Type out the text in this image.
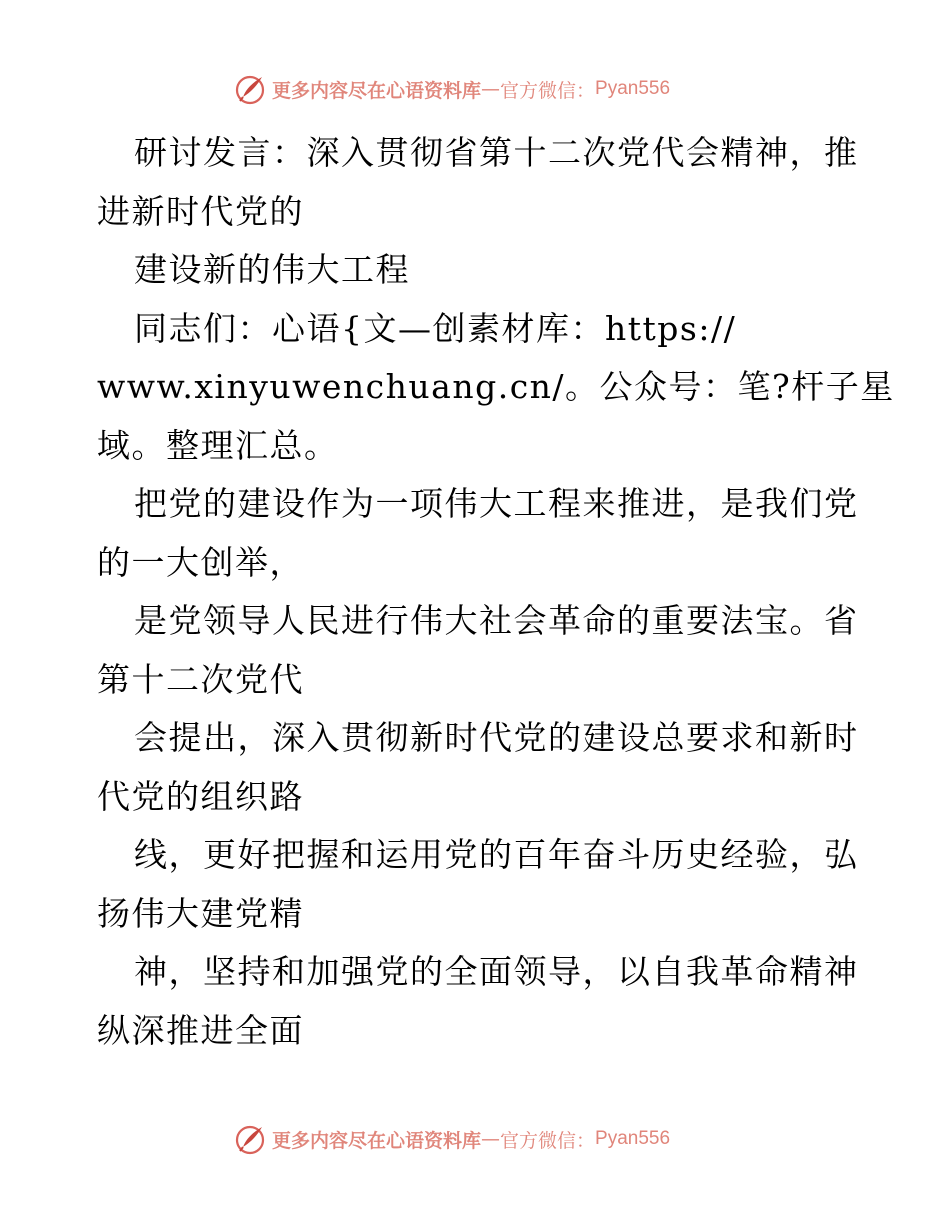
更多内容尽在心语资料库 — 官方微信： Pyan556
研讨发言：深入贯彻省第十二次党代会精神，推
进新时代党的
建设新的伟大工程
同志们：心语{文—创素材库：https://
www.xinyuwenchuang.cn/。公众号：笔?杆子星
域。整理汇总。
把党的建设作为一项伟大工程来推进，是我们党
的一大创举，
是党领导人民进行伟大社会革命的重要法宝。省
第十二次党代
会提出，深入贯彻新时代党的建设总要求和新时
代党的组织路
线，更好把握和运用党的百年奋斗历史经验，弘
扬伟大建党精
神，坚持和加强党的全面领导，以自我革命精神
纵深推进全面
更多内容尽在心语资料库 — 官方微信： Pyan556
